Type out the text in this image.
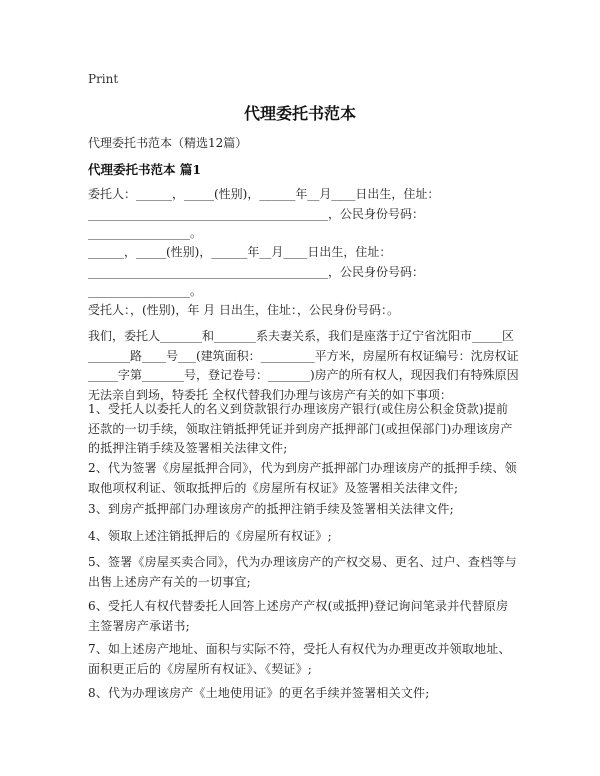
Print
代理委托书范本
代理委托书范本（精选12篇）
代理委托书范本 篇1
委托人：______，_____(性别)，______年__月____日出生，住址：
________________________________________，公民身份号码：
_________________。
______，_____(性别)，______年__月____日出生，住址：
________________________________________，公民身份号码：
_________________。
受托人：，(性别)，年 月 日出生，住址：，公民身份号码：。
我们，委托人_______和_______系夫妻关系，我们是座落于辽宁省沈阳市_____区
_______路____号___(建筑面积：_________平方米，房屋所有权证编号：沈房权证
_____字第_______号，登记卷号：_______)房产的所有权人，现因我们有特殊原因
无法亲自到场，特委托 全权代替我们办理与该房产有关的如下事项：
1、受托人以委托人的名义到贷款银行办理该房产银行(或住房公积金贷款)提前还款的一切手续，领取注销抵押凭证并到房产抵押部门(或担保部门)办理该房产的抵押注销手续及签署相关法律文件;
2、代为签署《房屋抵押合同》，代为到房产抵押部门办理该房产的抵押手续、领取他项权利证、领取抵押后的《房屋所有权证》及签署相关法律文件;
3、到房产抵押部门办理该房产的抵押注销手续及签署相关法律文件;
4、领取上述注销抵押后的《房屋所有权证》;
5、签署《房屋买卖合同》，代为办理该房产的产权交易、更名、过户、查档等与出售上述房产有关的一切事宜;
6、受托人有权代替委托人回答上述房产产权(或抵押)登记询问笔录并代替原房主签署房产承诺书;
7、如上述房产地址、面积与实际不符，受托人有权代为办理更改并领取地址、面积更正后的《房屋所有权证》、《契证》;
8、代为办理该房产《土地使用证》的更名手续并签署相关文件;
